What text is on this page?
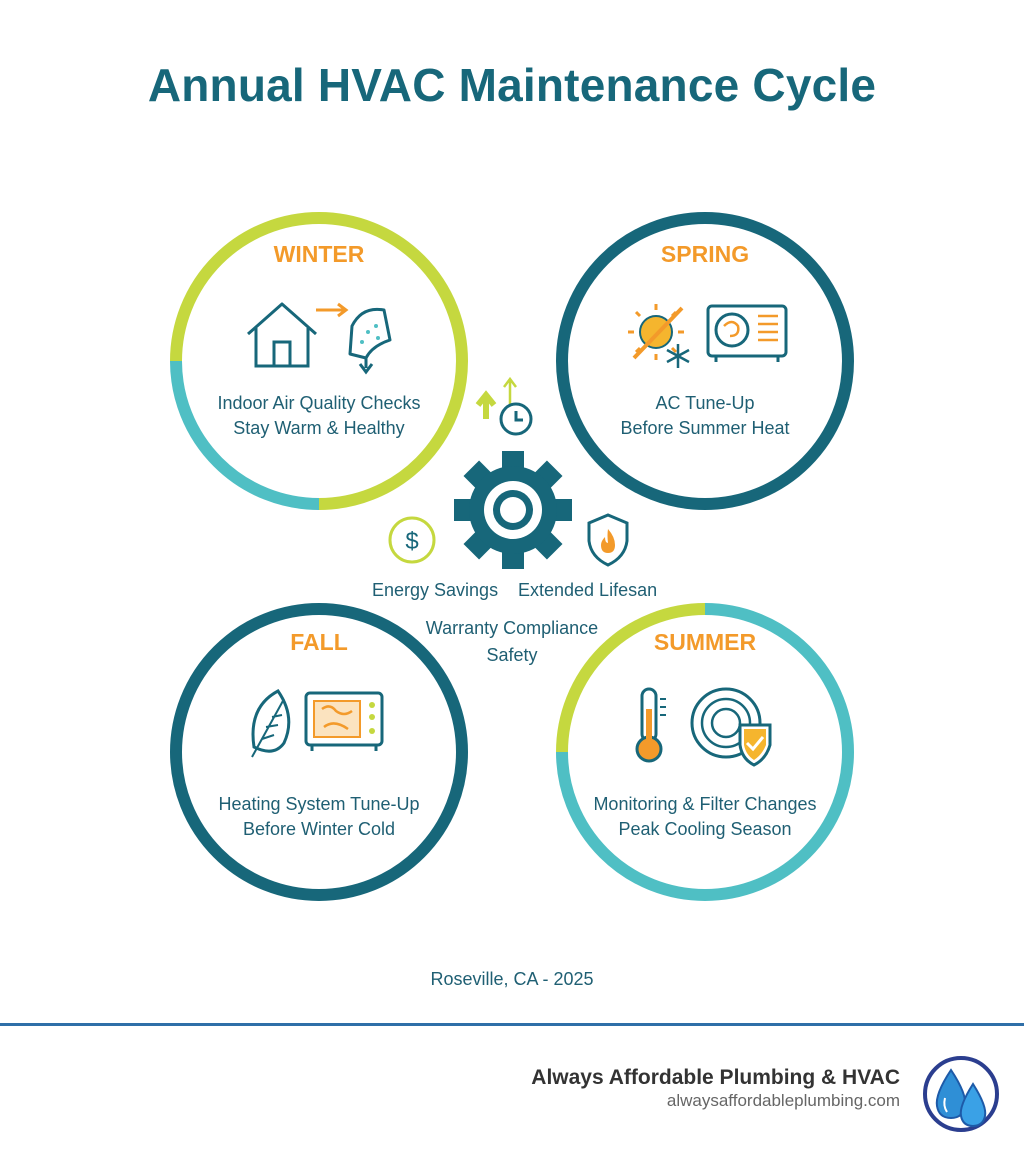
Annual HVAC Maintenance Cycle
WINTER
Indoor Air Quality Checks
Stay Warm & Healthy
SPRING
AC Tune-Up
Before Summer Heat
FALL
Heating System Tune-Up
Before Winter Cold
SUMMER
Monitoring & Filter Changes
Peak Cooling Season
$
Energy Savings Extended Lifesan
Warranty Compliance
Safety
Roseville, CA - 2025
Always Affordable Plumbing & HVAC
alwaysaffordableplumbing.com
